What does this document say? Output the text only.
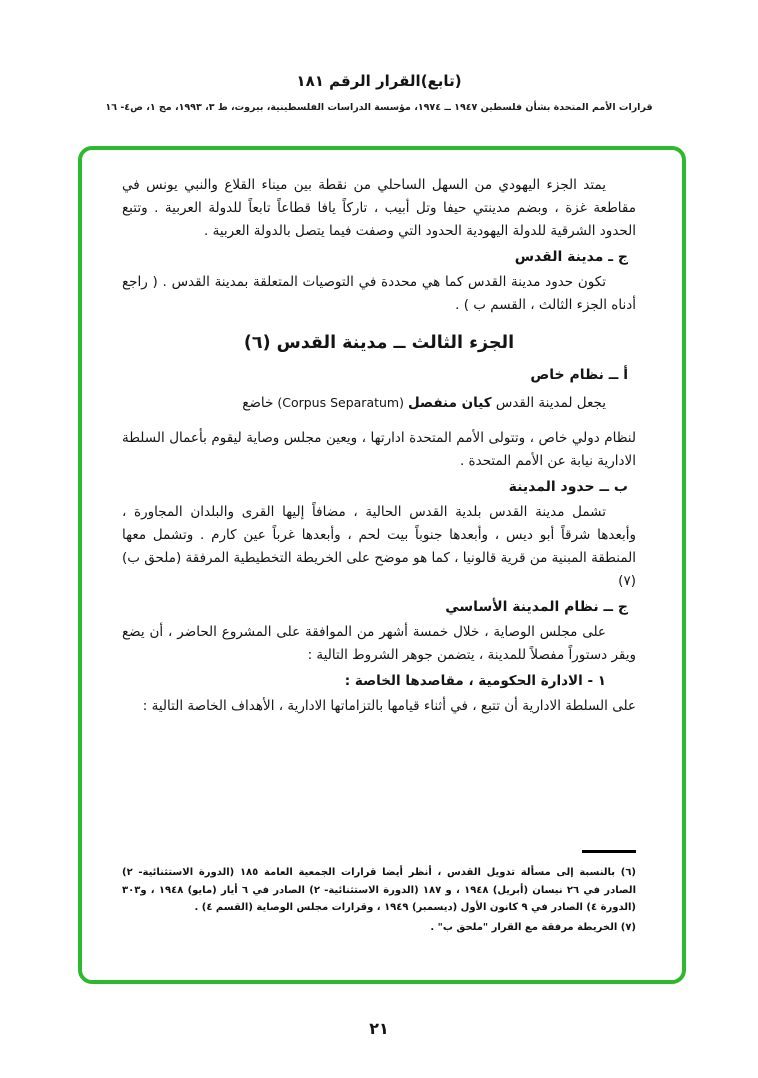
(تابع)القرار الرقم ١٨١
قرارات الأمم المتحدة بشأن فلسطين ١٩٤٧ ــ ١٩٧٤، مؤسسة الدراسات الفلسطينية، بيروت، ط ٣، ١٩٩٣، مج ١، ص٤- ١٦

يمتد الجزء اليهودي من السهل الساحلي من نقطة بين ميناء القلاع والنبي يونس في مقاطعة غزة ، وبضم مدينتي حيفا وتل أبيب ، تاركاً يافا قطاعاً تابعاً للدولة العربية . وتتبع الحدود الشرقية للدولة اليهودية الحدود التي وصفت فيما يتصل بالدولة العربية .

ج ـ مدينة القدس

تكون حدود مدينة القدس كما هي محددة في التوصيات المتعلقة بمدينة القدس . ( راجع أدناه الجزء الثالث ، القسم ب ) .

الجزء الثالث ــ مدينة القدس (٦)
أ ــ نظام خاص
يجعل لمدينة القدس كيان منفصل (Corpus Separatum) خاضع

لنظام دولي خاص ، وتتولى الأمم المتحدة ادارتها ، ويعين مجلس وصاية ليقوم بأعمال السلطة الادارية نيابة عن الأمم المتحدة .

ب ــ حدود المدينة

تشمل مدينة القدس بلدية القدس الحالية ، مضافاً إليها القرى والبلدان المجاورة ، وأبعدها شرقاً أبو ديس ، وأبعدها جنوباً بيت لحم ، وأبعدها غرباً عين كارم . وتشمل معها المنطقة المبنية من قرية قالونيا ، كما هو موضح على الخريطة التخطيطية المرفقة (ملحق ب) (٧)

ج ــ نظام المدينة الأساسي

على مجلس الوصاية ، خلال خمسة أشهر من الموافقة على المشروع الحاضر ، أن يضع ويقر دستوراً مفصلاً للمدينة ، يتضمن جوهر الشروط التالية :

١ - الادارة الحكومية ، مقاصدها الخاصة :

على السلطة الادارية أن تتبع ، في أثناء قيامها بالتزاماتها الادارية ، الأهداف الخاصة التالية :

(٦) بالنسبة إلى مسألة تدويل القدس ، أنظر أيضا قرارات الجمعية العامة ١٨٥ (الدورة الاستثنائية- ٢) الصادر في ٢٦ نيسان (أبريل) ١٩٤٨ ، و ١٨٧ (الدورة الاستثنائية- ٢) الصادر في ٦ أيار (مايو) ١٩٤٨ ، و٣٠٣ (الدورة ٤) الصادر في ٩ كانون الأول (ديسمبر) ١٩٤٩ ، وقرارات مجلس الوصاية (القسم ٤) .
(٧) الخريطة مرفقة مع القرار "ملحق ب" .
٢١
